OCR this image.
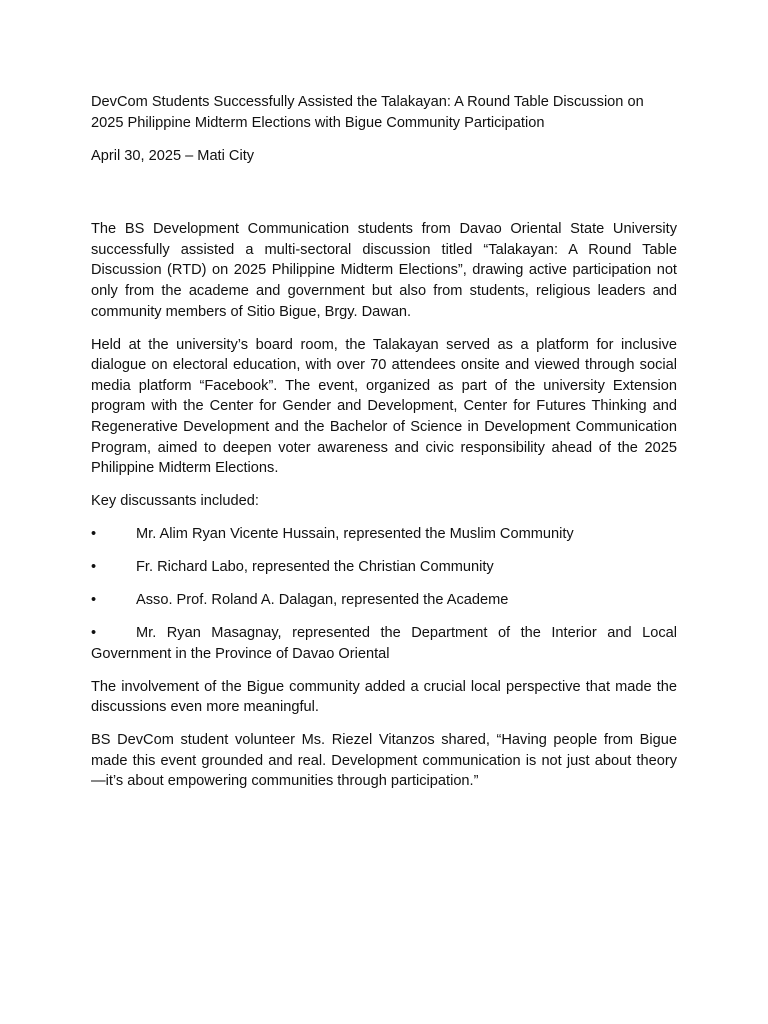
DevCom Students Successfully Assisted the Talakayan: A Round Table Discussion on 2025 Philippine Midterm Elections with Bigue Community Participation

April 30, 2025 – Mati City

The BS Development Communication students from Davao Oriental State University successfully assisted a multi-sectoral discussion titled “Talakayan: A Round Table Discussion (RTD) on 2025 Philippine Midterm Elections”, drawing active participation not only from the academe and government but also from students, religious leaders and community members of Sitio Bigue, Brgy. Dawan.

Held at the university’s board room, the Talakayan served as a platform for inclusive dialogue on electoral education, with over 70 attendees onsite and viewed through social media platform “Facebook”. The event, organized as part of the university Extension program with the Center for Gender and Development, Center for Futures Thinking and Regenerative Development and the Bachelor of Science in Development Communication Program, aimed to deepen voter awareness and civic responsibility ahead of the 2025 Philippine Midterm Elections.

Key discussants included:

•	Mr. Alim Ryan Vicente Hussain, represented the Muslim Community

•	Fr. Richard Labo, represented the Christian Community

•	Asso. Prof. Roland A. Dalagan, represented the Academe

•	Mr. Ryan Masagnay, represented the Department of the Interior and Local Government in the Province of Davao Oriental

The involvement of the Bigue community added a crucial local perspective that made the discussions even more meaningful.

BS DevCom student volunteer Ms. Riezel Vitanzos shared, “Having people from Bigue made this event grounded and real. Development communication is not just about theory—it’s about empowering communities through participation.”
